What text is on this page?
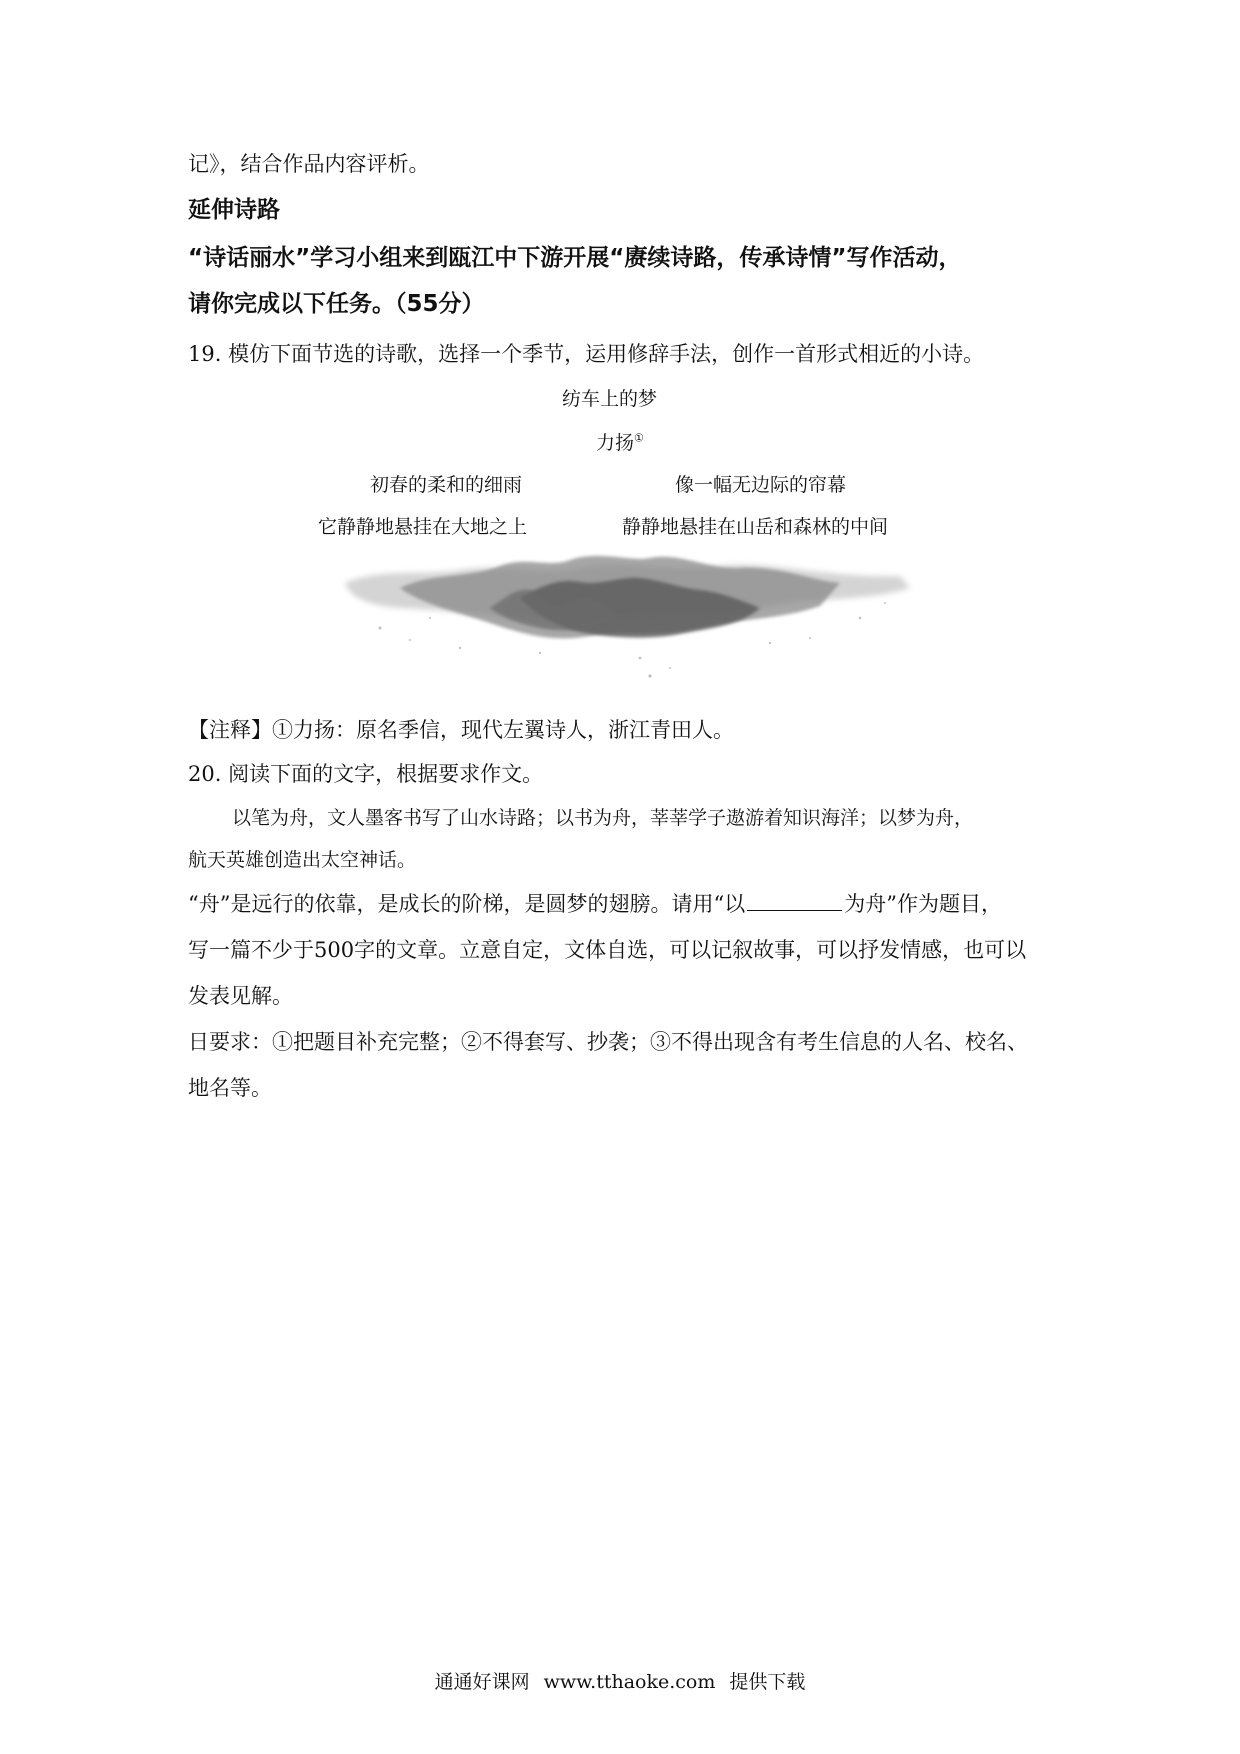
记》，结合作品内容评析。
延伸诗路
“诗话丽水”学习小组来到瓯江中下游开展“赓续诗路，传承诗情”写作活动，
请你完成以下任务。（55分）
19. 模仿下面节选的诗歌，选择一个季节，运用修辞手法，创作一首形式相近的小诗。
纺车上的梦
力扬①
初春的柔和的细雨	像一幅无边际的帘幕
它静静地悬挂在大地之上	静静地悬挂在山岳和森林的中间
【注释】①力扬：原名季信，现代左翼诗人，浙江青田人。
20. 阅读下面的文字，根据要求作文。
以笔为舟，文人墨客书写了山水诗路；以书为舟，莘莘学子遨游着知识海洋；以梦为舟，
航天英雄创造出太空神话。
“舟”是远行的依靠，是成长的阶梯，是圆梦的翅膀。请用“以	为舟”作为题目，
写一篇不少于500字的文章。立意自定，文体自选，可以记叙故事，可以抒发情感，也可以
发表见解。
日要求：①把题目补充完整；②不得套写、抄袭；③不得出现含有考生信息的人名、校名、
地名等。
通通好课网 www.tthaoke.com 提供下载
